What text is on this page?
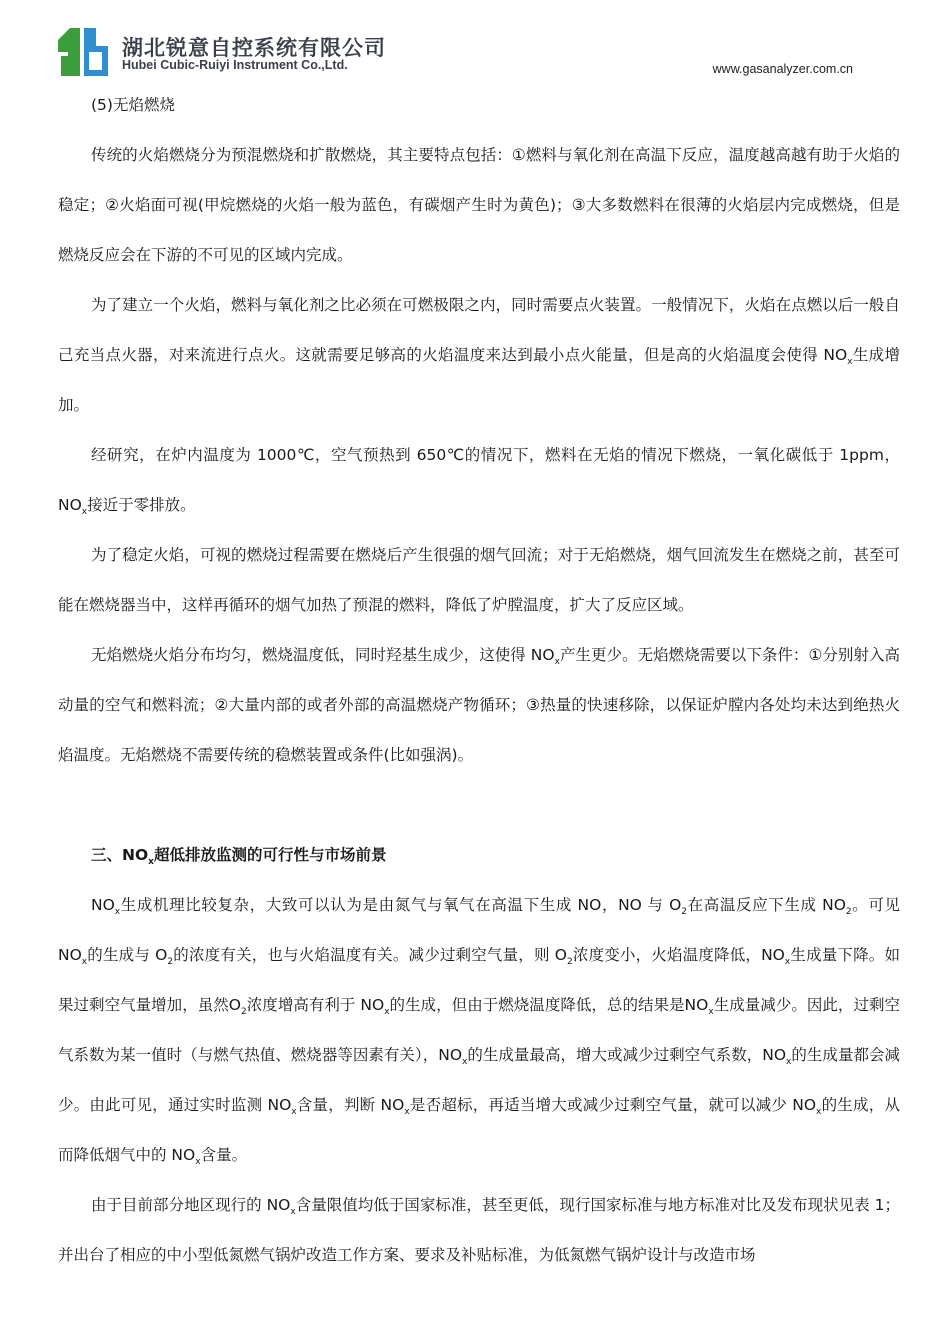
湖北锐意自控系统有限公司
Hubei Cubic-Ruiyi Instrument Co.,Ltd.	www.gasanalyzer.com.cn

(5)无焰燃烧

传统的火焰燃烧分为预混燃烧和扩散燃烧，其主要特点包括：①燃料与氧化剂在高温下反应，温度越高越有助于火焰的稳定；②火焰面可视(甲烷燃烧的火焰一般为蓝色，有碳烟产生时为黄色)；③大多数燃料在很薄的火焰层内完成燃烧，但是燃烧反应会在下游的不可见的区域内完成。

为了建立一个火焰，燃料与氧化剂之比必须在可燃极限之内，同时需要点火装置。一般情况下，火焰在点燃以后一般自己充当点火器，对来流进行点火。这就需要足够高的火焰温度来达到最小点火能量，但是高的火焰温度会使得 $NO_x$生成增加。

经研究，在炉内温度为 1000℃，空气预热到 650℃的情况下，燃料在无焰的情况下燃烧，一氧化碳低于 1ppm，$NO_x$接近于零排放。

为了稳定火焰，可视的燃烧过程需要在燃烧后产生很强的烟气回流；对于无焰燃烧，烟气回流发生在燃烧之前，甚至可能在燃烧器当中，这样再循环的烟气加热了预混的燃料，降低了炉膛温度，扩大了反应区域。

无焰燃烧火焰分布均匀，燃烧温度低，同时羟基生成少，这使得 $NO_x$产生更少。无焰燃烧需要以下条件：①分别射入高动量的空气和燃料流；②大量内部的或者外部的高温燃烧产物循环；③热量的快速移除，以保证炉膛内各处均未达到绝热火焰温度。无焰燃烧不需要传统的稳燃装置或条件(比如强涡)。

三、$NO_x$超低排放监测的可行性与市场前景

$NO_x$生成机理比较复杂，大致可以认为是由氮气与氧气在高温下生成 NO，NO 与 $O_2$在高温反应下生成 $NO_2$。可见 $NO_x$的生成与 $O_2$的浓度有关，也与火焰温度有关。减少过剩空气量，则 $O_2$浓度变小，火焰温度降低，$NO_x$生成量下降。如果过剩空气量增加，虽然$O_2$浓度增高有利于 $NO_x$的生成，但由于燃烧温度降低，总的结果是$NO_x$生成量减少。因此，过剩空气系数为某一值时（与燃气热值、燃烧器等因素有关），$NO_x$的生成量最高，增大或减少过剩空气系数，$NO_x$的生成量都会减少。由此可见，通过实时监测 $NO_x$含量，判断 $NO_x$是否超标，再适当增大或减少过剩空气量，就可以减少 $NO_x$的生成，从而降低烟气中的 $NO_x$含量。

由于目前部分地区现行的 $NO_x$含量限值均低于国家标准，甚至更低，现行国家标准与地方标准对比及发布现状见表 1；并出台了相应的中小型低氮燃气锅炉改造工作方案、要求及补贴标准，为低氮燃气锅炉设计与改造市场
